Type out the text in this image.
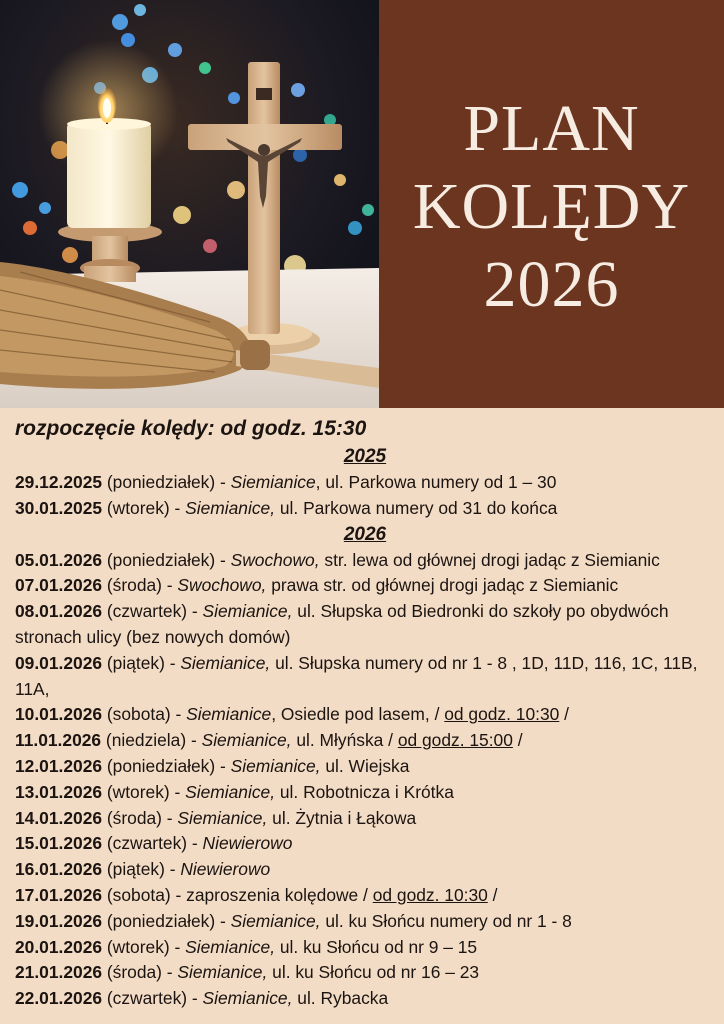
PLAN
KOLĘDY
2026
rozpoczęcie kolędy: od godz. 15:30
2025
29.12.2025 (poniedziałek) - Siemianice, ul. Parkowa numery od 1 – 30
30.01.2025 (wtorek) - Siemianice, ul. Parkowa numery od 31 do końca
2026
05.01.2026 (poniedziałek) - Swochowo, str. lewa od głównej drogi jadąc z Siemianic
07.01.2026 (środa) - Swochowo, prawa str. od głównej drogi jadąc z Siemianic
08.01.2026 (czwartek) - Siemianice, ul. Słupska od Biedronki do szkoły po obydwóch stronach ulicy (bez nowych domów)
09.01.2026 (piątek) - Siemianice, ul. Słupska numery od nr 1 - 8 , 1D, 11D, 116, 1C, 11B, 11A,
10.01.2026 (sobota) - Siemianice, Osiedle pod lasem, / od godz. 10:30 /
11.01.2026 (niedziela) - Siemianice, ul. Młyńska / od godz. 15:00 /
12.01.2026 (poniedziałek) - Siemianice, ul. Wiejska
13.01.2026 (wtorek) - Siemianice, ul. Robotnicza i Krótka
14.01.2026 (środa) - Siemianice, ul. Żytnia i Łąkowa
15.01.2026 (czwartek) - Niewierowo
16.01.2026 (piątek) - Niewierowo
17.01.2026 (sobota) - zaproszenia kolędowe / od godz. 10:30 /
19.01.2026 (poniedziałek) - Siemianice, ul. ku Słońcu numery od nr 1 - 8
20.01.2026 (wtorek) - Siemianice, ul. ku Słońcu od nr 9 – 15
21.01.2026 (środa) - Siemianice, ul. ku Słońcu od nr 16 – 23
22.01.2026 (czwartek) - Siemianice, ul. Rybacka
